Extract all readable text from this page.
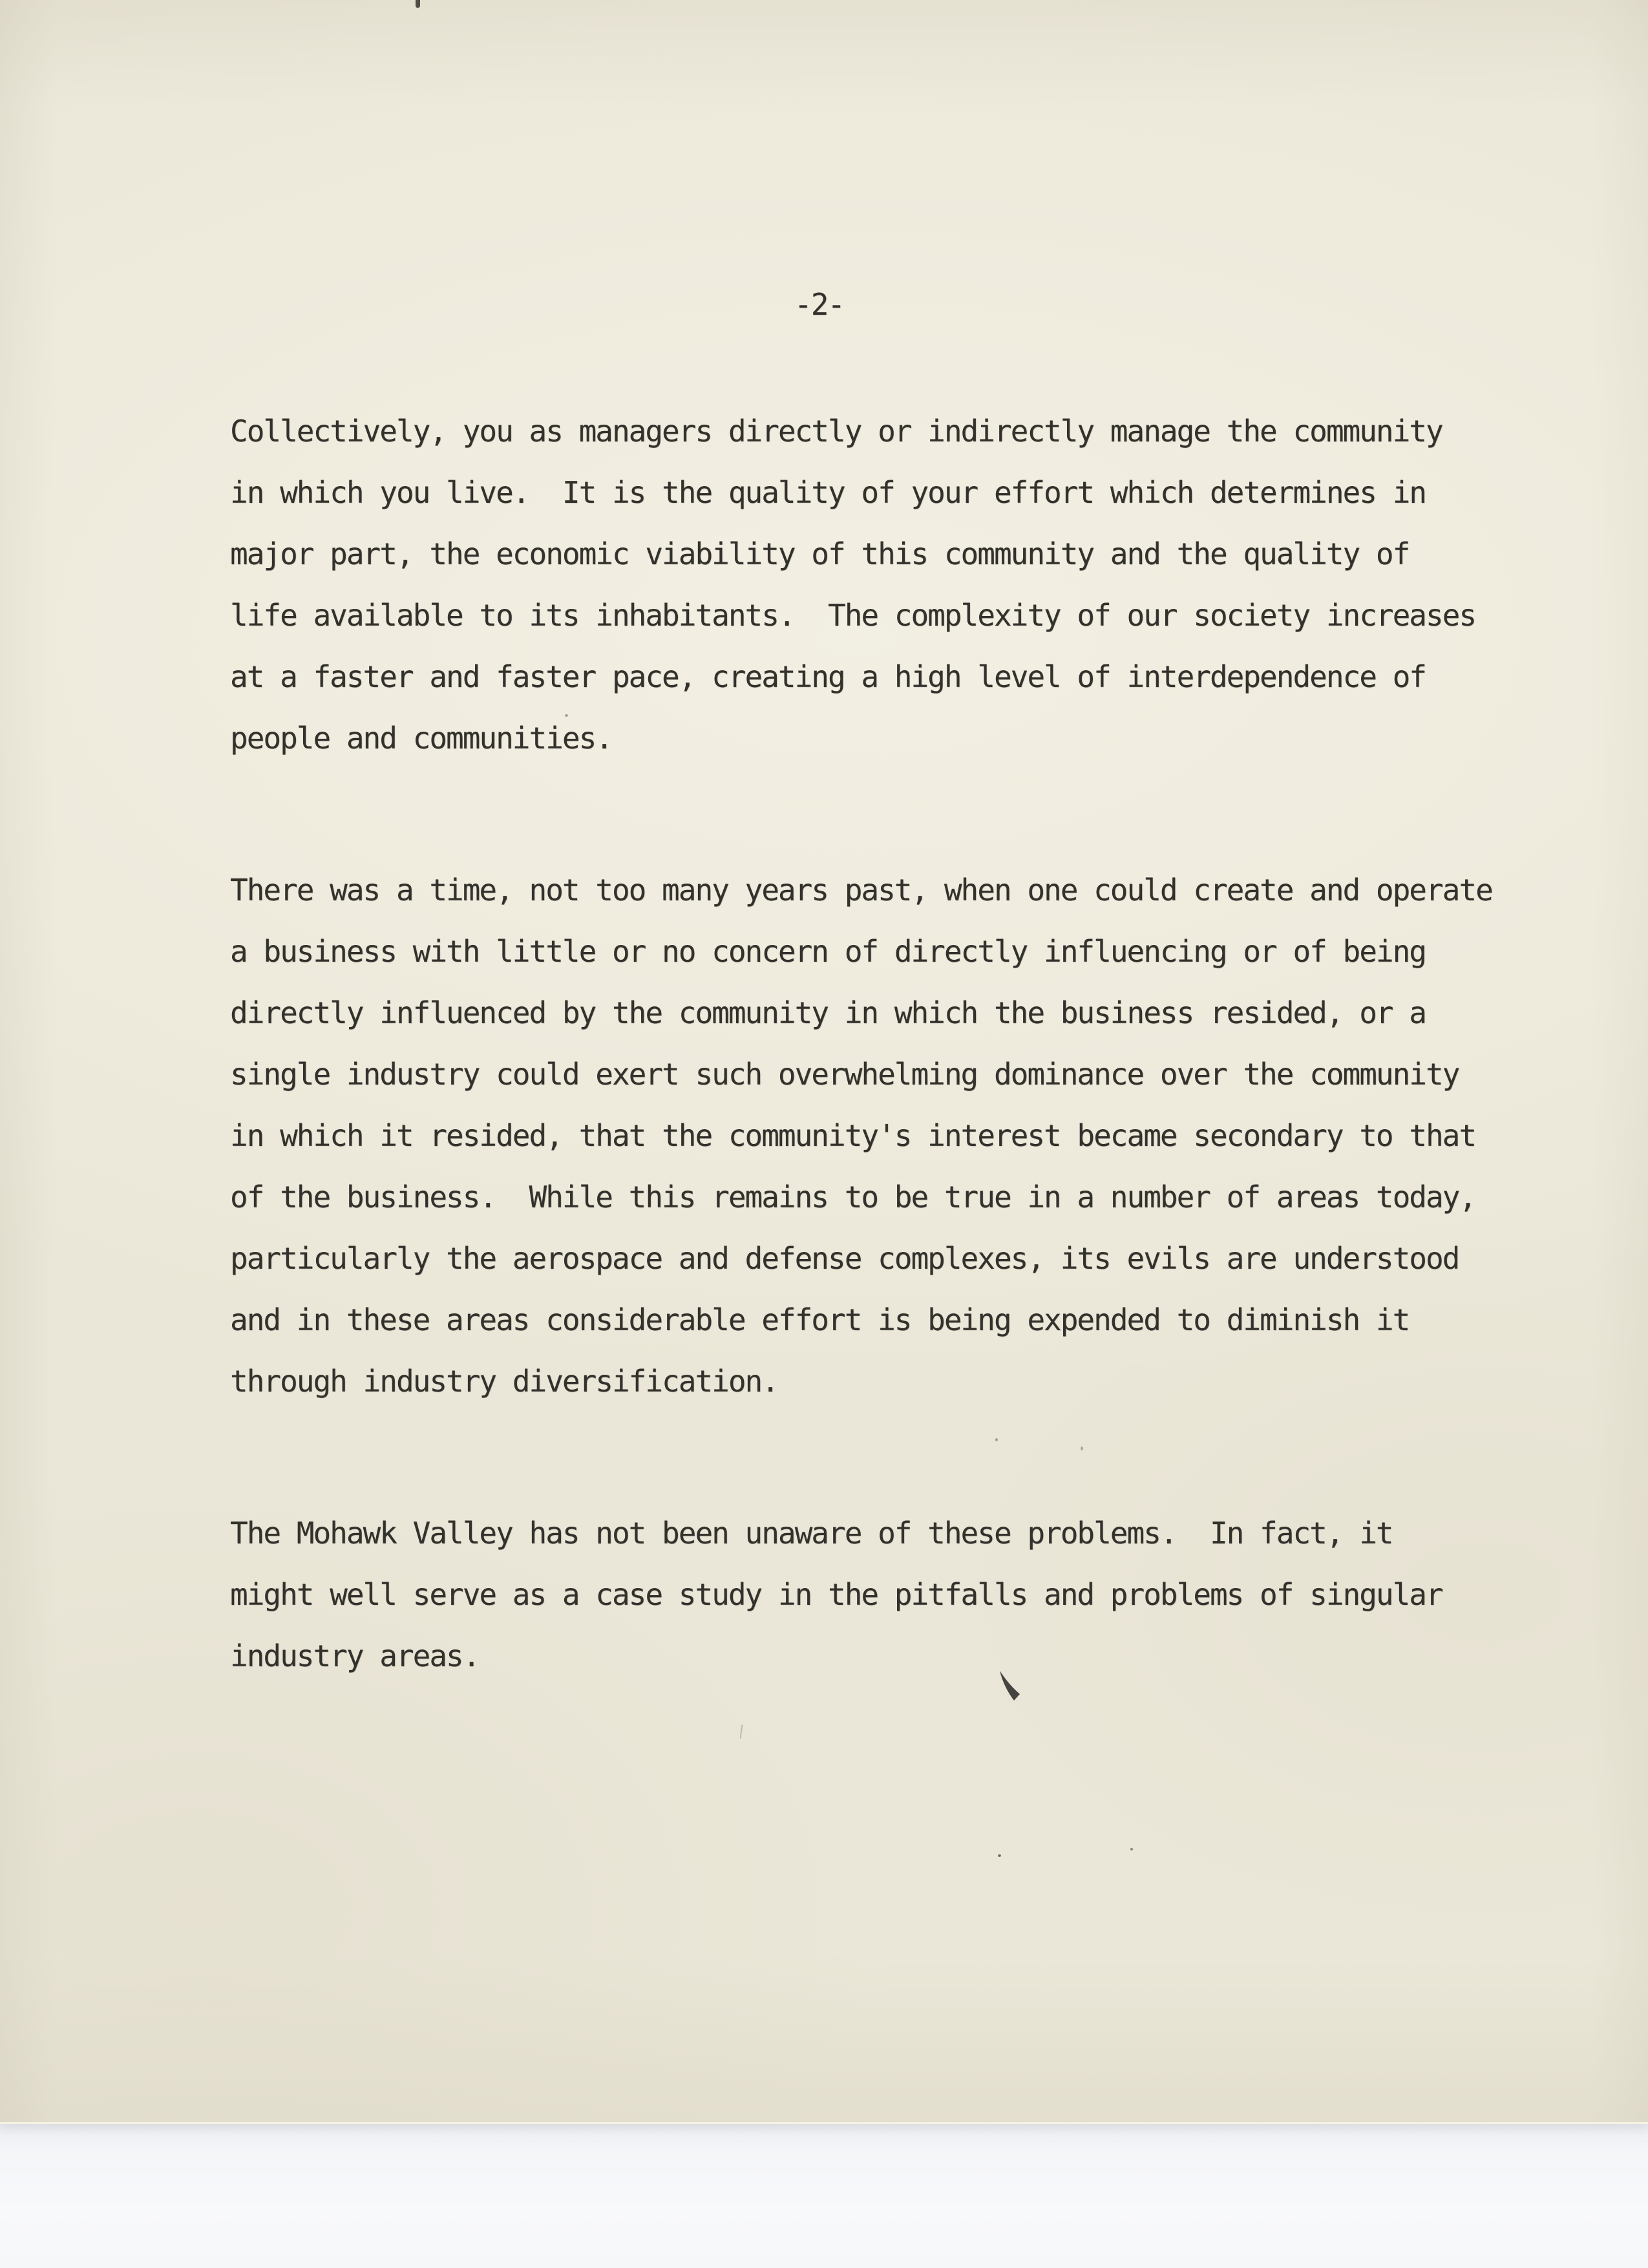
-2-

Collectively, you as managers directly or indirectly manage the community
in which you live.  It is the quality of your effort which determines in
major part, the economic viability of this community and the quality of
life available to its inhabitants.  The complexity of our society increases
at a faster and faster pace, creating a high level of interdependence of
people and communities.

There was a time, not too many years past, when one could create and operate
a business with little or no concern of directly influencing or of being
directly influenced by the community in which the business resided, or a
single industry could exert such overwhelming dominance over the community
in which it resided, that the community's interest became secondary to that
of the business.  While this remains to be true in a number of areas today,
particularly the aerospace and defense complexes, its evils are understood
and in these areas considerable effort is being expended to diminish it
through industry diversification.

The Mohawk Valley has not been unaware of these problems.  In fact, it
might well serve as a case study in the pitfalls and problems of singular
industry areas.
